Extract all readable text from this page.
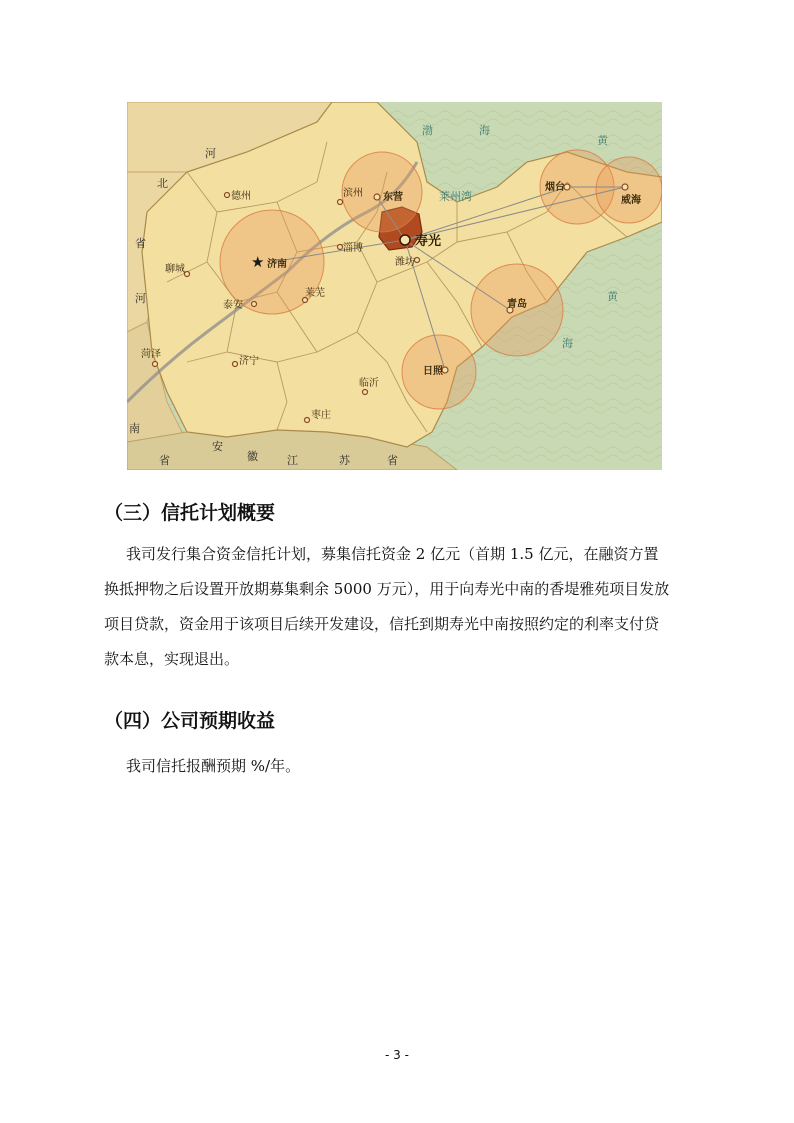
★
渤	海
黄
莱州湾
黄
海
河
北
省
河
南
安
徽
省	江	苏	省
寿光
济南
东营
烟台
威海
青岛
日照
潍坊
淄博
滨州
德州
聊城
泰安
莱芜
济宁
菏泽
临沂
枣庄
（三）信托计划概要
我司发行集合资金信托计划，募集信托资金 2 亿元（首期 1.5 亿元，在融资方置
换抵押物之后设置开放期募集剩余 5000 万元），用于向寿光中南的香堤雅苑项目发放
项目贷款，资金用于该项目后续开发建设，信托到期寿光中南按照约定的利率支付贷
款本息，实现退出。
（四）公司预期收益
我司信托报酬预期 %/年。
- 3 -
